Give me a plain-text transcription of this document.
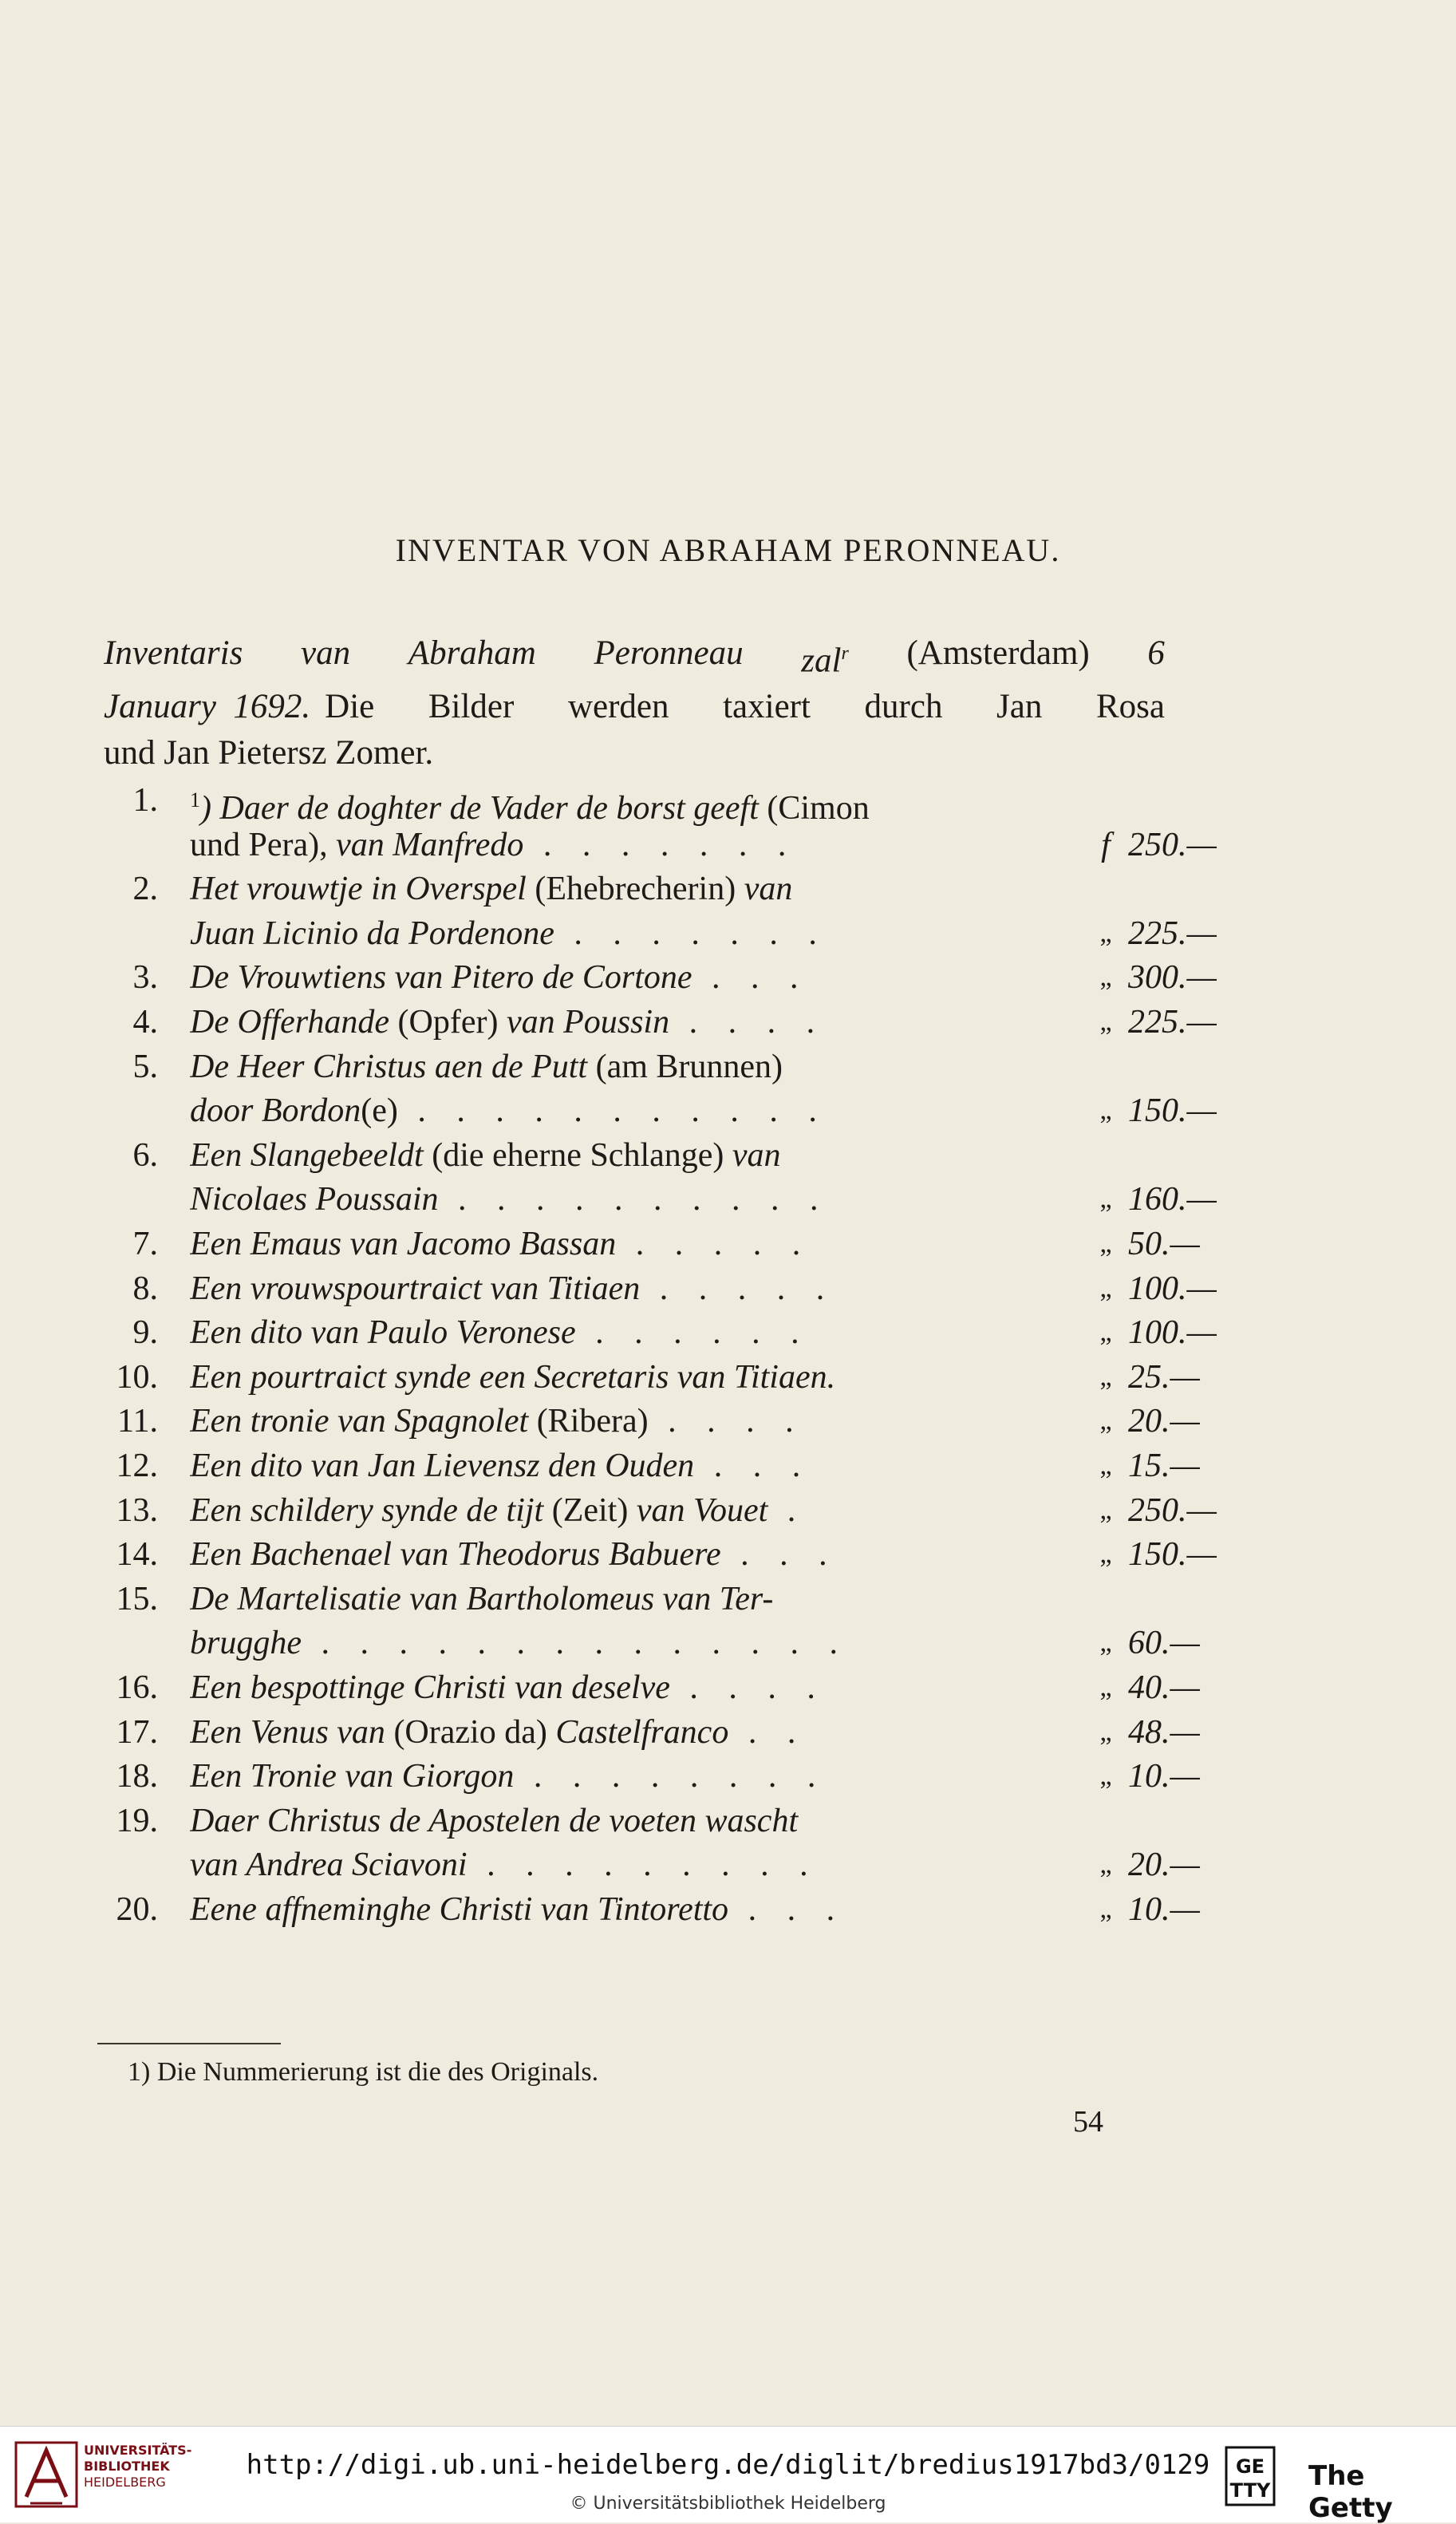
INVENTAR VON ABRAHAM PERONNEAU.
Inventaris van Abraham Peronneau zal$^r$ (Amsterdam) 6
January  1692. Die Bilder werden taxiert durch Jan Rosa
und Jan Pietersz Zomer.
1. $^1$) Daer de doghter de Vader de borst geeft (Cimon
und Pera), van Manfredo . . . . . . .	f 250.—
2. Het vrouwtje in Overspel (Ehebrecherin) van
Juan Licinio da Pordenone . . . . . . .	„ 225.—
3. De Vrouwtiens van Pitero de Cortone . . .	„ 300.—
4. De Offerhande (Opfer) van Poussin . . . .	„ 225.—
5. De Heer Christus aen de Putt (am Brunnen)
door Bordon(e) . . . . . . . . . . .	„ 150.—
6. Een Slangebeeldt (die eherne Schlange) van
Nicolaes Poussain . . . . . . . . . .	„ 160.—
7. Een Emaus van Jacomo Bassan . . . . .	„ 50.—
8. Een vrouwspourtraict van Titiaen . . . . .	„ 100.—
9. Een dito van Paulo Veronese . . . . . .	„ 100.—
10. Een pourtraict synde een Secretaris van Titiaen.	„ 25.—
11. Een tronie van Spagnolet (Ribera) . . . .	„ 20.—
12. Een dito van Jan Lievensz den Ouden . . .	„ 15.—
13. Een schildery synde de tijt (Zeit) van Vouet .	„ 250.—
14. Een Bachenael van Theodorus Babuere . . .	„ 150.—
15. De Martelisatie van Bartholomeus van Ter-
brugghe . . . . . . . . . . . . . .	„ 60.—
16. Een bespottinge Christi van deselve . . . .	„ 40.—
17. Een Venus van (Orazio da) Castelfranco . .	„ 48.—
18. Een Tronie van Giorgon . . . . . . . .	„ 10.—
19. Daer Christus de Apostelen de voeten wascht
van Andrea Sciavoni . . . . . . . . .	„ 20.—
20. Eene affneminghe Christi van Tintoretto . . .	„ 10.—
1) Die Nummerierung ist die des Originals.
54
UNIVERSITÄTS-
BIBLIOTHEK
HEIDELBERG
http://digi.ub.uni-heidelberg.de/diglit/bredius1917bd3/0129
© Universitätsbibliothek Heidelberg
GE
TTY The Getty
